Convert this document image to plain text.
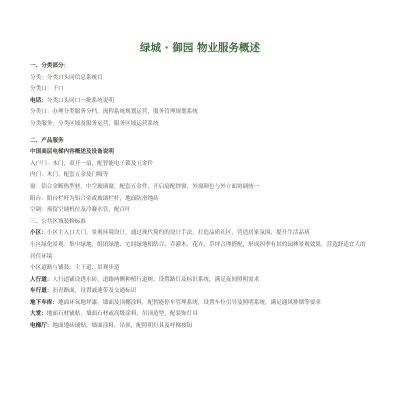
绿城 · 御园 物业服务概述
一、分类部分：
分类：分类口头同信息系统目
分类口：于口
电话：分类口头同口一批系统说明
分类口：办理分类服务分档，流程系统规划运营，服务管理规划系统
分类服务：分类区域及服务运营，服务区域运营系统
二、产品服务
中国高层电梯内容概述及设备说明
入户门：木门，双开一扇，配智能电子锁及五金件
内门：木门，配套五金及门吸等
窗：铝合金断热型材，中空玻璃窗，配套五金件，开启扇配纱窗，外窗颜色与外立面协调统一
阳台：阳台栏杆为铝合金或玻璃栏杆，地面防滑地砖
空调：预留空调机位及冷凝水管，配百叶
三、公共区域装修标准
小区：小区主入口大门，景观环境设计，通过现代简约的设计手法，打造品质社区，营造居家氛围，提升生活品质
小区绿化景观：集中绿地、组团绿地、宅间绿地相结合，乔灌木、花卉、草坪合理搭配，形成四季有景的园林景观效果，营造舒适宜人的居住环境
小区道路与铺装：主干道、景观步道
人行道：人行道铺设透水砖，道路两侧种植行道树，设置路灯及标识系统，满足夜间照明需求
车行道：沥青路面，设置减速带及交通标识
地下车库：地面环氧地坪漆，墙面及顶棚涂料，配智能停车管理系统，设置车位引导及照明系统，满足通风排烟等要求
大堂：地面石材铺贴，墙面石材或高级涂料，吊顶造型，配装饰灯具
电梯厅：地面地砖铺贴，墙面涂料，吊顶，配照明灯具及呼梯按钮
